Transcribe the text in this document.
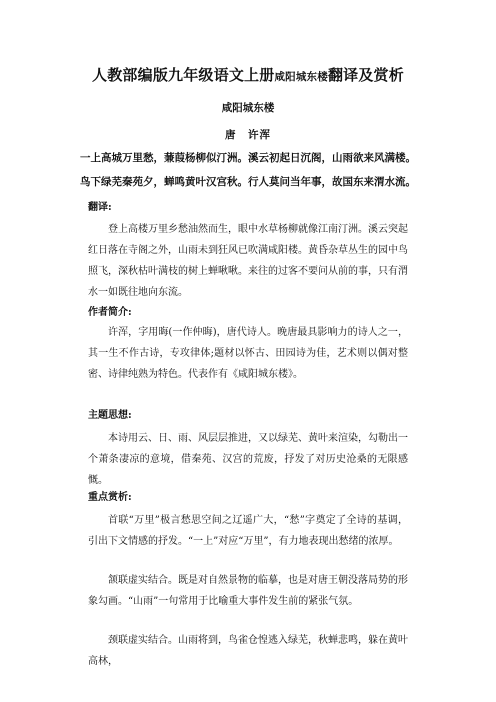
人教部编版九年级语文上册咸阳城东楼翻译及赏析
咸阳城东楼
唐　许浑
一上高城万里愁，蒹葭杨柳似汀洲。溪云初起日沉阁，山雨欲来风满楼。
鸟下绿芜秦苑夕，蝉鸣黄叶汉宫秋。行人莫问当年事，故国东来渭水流。
翻译:
登上高楼万里乡愁油然而生，眼中水草杨柳就像江南汀洲。溪云突起红日落在寺阁之外，山雨未到狂风已吹满咸阳楼。黄昏杂草丛生的园中鸟照飞，深秋枯叶满枝的树上蝉啾啾。来往的过客不要问从前的事，只有渭水一如既往地向东流。
作者简介:
许浑，字用晦(一作仲晦)，唐代诗人。晚唐最具影响力的诗人之一，其一生不作古诗，专攻律体;题材以怀古、田园诗为佳，艺术则以偶对整密、诗律纯熟为特色。代表作有《咸阳城东楼》。
主题思想:
本诗用云、日、雨、风层层推进，又以绿芜、黄叶来渲染，勾勒出一个萧条凄凉的意境，借秦苑、汉宫的荒废，抒发了对历史沧桑的无限感慨。
重点赏析:
首联“万里”极言愁思空间之辽遥广大，“愁”字奠定了全诗的基调，引出下文情感的抒发。“一上”对应“万里”，有力地表现出愁绪的浓厚。
颔联虚实结合。既是对自然景物的临摹，也是对唐王朝没落局势的形象勾画。“山雨”一句常用于比喻重大事件发生前的紧张气氛。
颈联虚实结合。山雨将到，鸟雀仓惶逃入绿芜，秋蝉悲鸣，躲在黄叶高林，
